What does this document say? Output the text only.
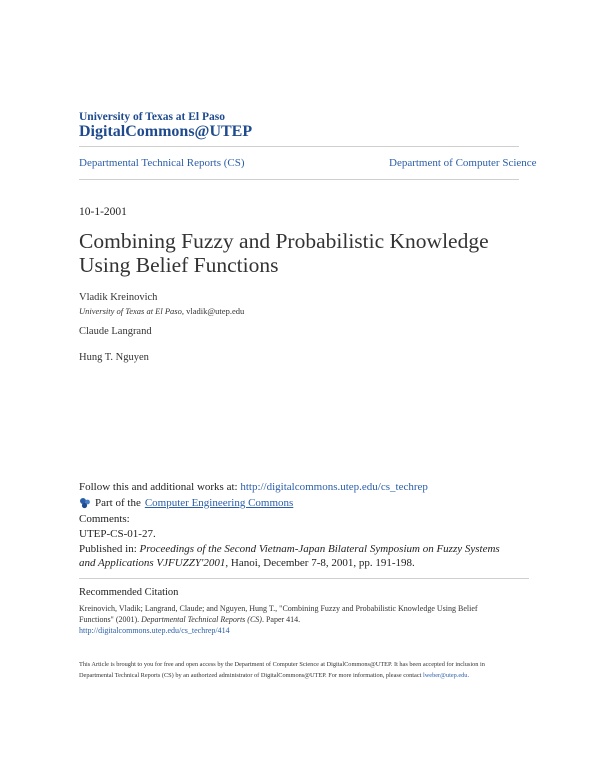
University of Texas at El Paso
DigitalCommons@UTEP
Departmental Technical Reports (CS)	Department of Computer Science
10-1-2001
Combining Fuzzy and Probabilistic Knowledge Using Belief Functions
Vladik Kreinovich
University of Texas at El Paso, vladik@utep.edu
Claude Langrand
Hung T. Nguyen
Follow this and additional works at: http://digitalcommons.utep.edu/cs_techrep
Part of the Computer Engineering Commons
Comments:
UTEP-CS-01-27.
Published in: Proceedings of the Second Vietnam-Japan Bilateral Symposium on Fuzzy Systems and Applications VJFUZZY'2001, Hanoi, December 7-8, 2001, pp. 191-198.
Recommended Citation
Kreinovich, Vladik; Langrand, Claude; and Nguyen, Hung T., "Combining Fuzzy and Probabilistic Knowledge Using Belief Functions" (2001). Departmental Technical Reports (CS). Paper 414.
http://digitalcommons.utep.edu/cs_techrep/414
This Article is brought to you for free and open access by the Department of Computer Science at DigitalCommons@UTEP. It has been accepted for inclusion in Departmental Technical Reports (CS) by an authorized administrator of DigitalCommons@UTEP. For more information, please contact lweber@utep.edu.
